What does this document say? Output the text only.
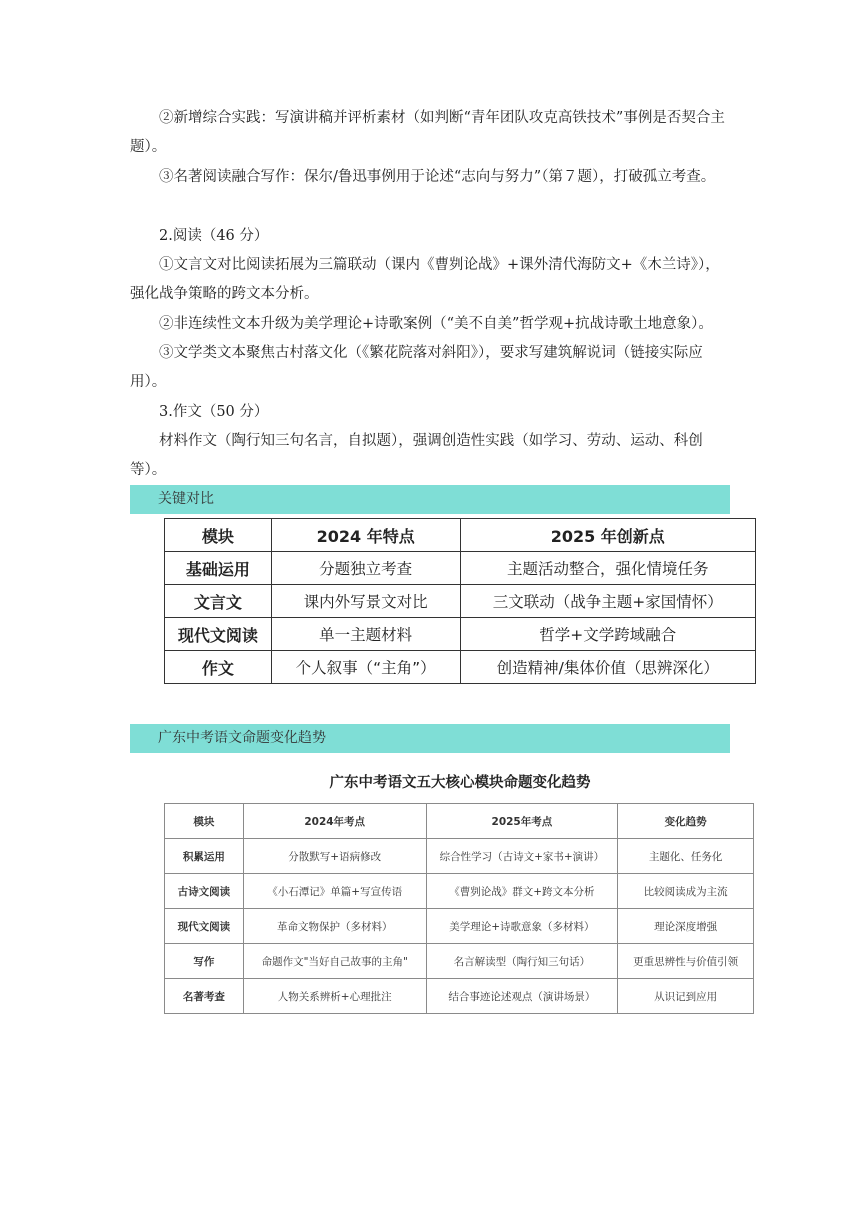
②新增综合实践：写演讲稿并评析素材（如判断“青年团队攻克高铁技术”事例是否契合主题）。

③名著阅读融合写作：保尔/鲁迅事例用于论述“志向与努力”（第７题），打破孤立考查。

2.阅读（46 分）

①文言文对比阅读拓展为三篇联动（课内《曹刿论战》+课外清代海防文+《木兰诗》），强化战争策略的跨文本分析。

②非连续性文本升级为美学理论+诗歌案例（“美不自美”哲学观+抗战诗歌土地意象）。

③文学类文本聚焦古村落文化（《繁花院落对斜阳》），要求写建筑解说词（链接实际应用）。

3.作文（50 分）

材料作文（陶行知三句名言，自拟题），强调创造性实践（如学习、劳动、运动、科创等）。

关键对比
模块	2024 年特点	2025 年创新点
基础运用	分题独立考查	主题活动整合，强化情境任务
文言文	课内外写景文对比	三文联动（战争主题+家国情怀）
现代文阅读	单一主题材料	哲学+文学跨域融合
作文	个人叙事（“主角”）	创造精神/集体价值（思辨深化）
广东中考语文命题变化趋势
广东中考语文五大核心模块命题变化趋势
模块	2024年考点	2025年考点	变化趋势
积累运用	分散默写+语病修改	综合性学习（古诗文+家书+演讲）	主题化、任务化
古诗文阅读	《小石潭记》单篇+写宣传语	《曹刿论战》群文+跨文本分析	比较阅读成为主流
现代文阅读	革命文物保护（多材料）	美学理论+诗歌意象（多材料）	理论深度增强
写作	命题作文"当好自己故事的主角"	名言解读型（陶行知三句话）	更重思辨性与价值引领
名著考查	人物关系辨析+心理批注	结合事迹论述观点（演讲场景）	从识记到应用
